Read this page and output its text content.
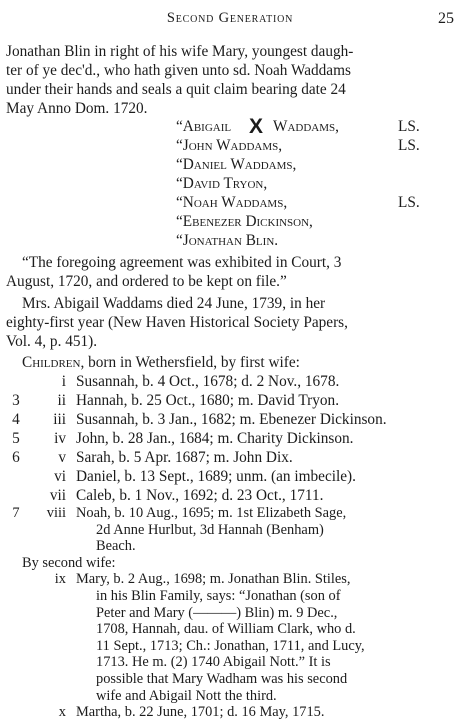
Second Generation	25
Jonathan Blin in right of his wife Mary, youngest daugh-
ter of ye dec'd., who hath given unto sd. Noah Waddams
under their hands and seals a quit claim bearing date 24
May Anno Dom. 1720.
“Abigail X Waddams,	LS.
“John Waddams,	LS.
“Daniel Waddams,
“David Tryon,
“Noah Waddams,	LS.
“Ebenezer Dickinson,
“Jonathan Blin.
“The foregoing agreement was exhibited in Court, 3
August, 1720, and ordered to be kept on file.”
Mrs. Abigail Waddams died 24 June, 1739, in her
eighty-first year (New Haven Historical Society Papers,
Vol. 4, p. 451).
Children, born in Wethersfield, by first wife:
i Susannah, b. 4 Oct., 1678; d. 2 Nov., 1678.
3	ii Hannah, b. 25 Oct., 1680; m. David Tryon.
4	iii Susannah, b. 3 Jan., 1682; m. Ebenezer Dickinson.
5	iv John, b. 28 Jan., 1684; m. Charity Dickinson.
6	v Sarah, b. 5 Apr. 1687; m. John Dix.
vi Daniel, b. 13 Sept., 1689; unm. (an imbecile).
vii Caleb, b. 1 Nov., 1692; d. 23 Oct., 1711.
7	viii Noah, b. 10 Aug., 1695; m. 1st Elizabeth Sage,
2d Anne Hurlbut, 3d Hannah (Benham)
Beach.
By second wife:
ix Mary, b. 2 Aug., 1698; m. Jonathan Blin. Stiles,
in his Blin Family, says: “Jonathan (son of
Peter and Mary (———) Blin) m. 9 Dec.,
1708, Hannah, dau. of William Clark, who d.
11 Sept., 1713; Ch.: Jonathan, 1711, and Lucy,
1713. He m. (2) 1740 Abigail Nott.” It is
possible that Mary Wadham was his second
wife and Abigail Nott the third.
x Martha, b. 22 June, 1701; d. 16 May, 1715.
